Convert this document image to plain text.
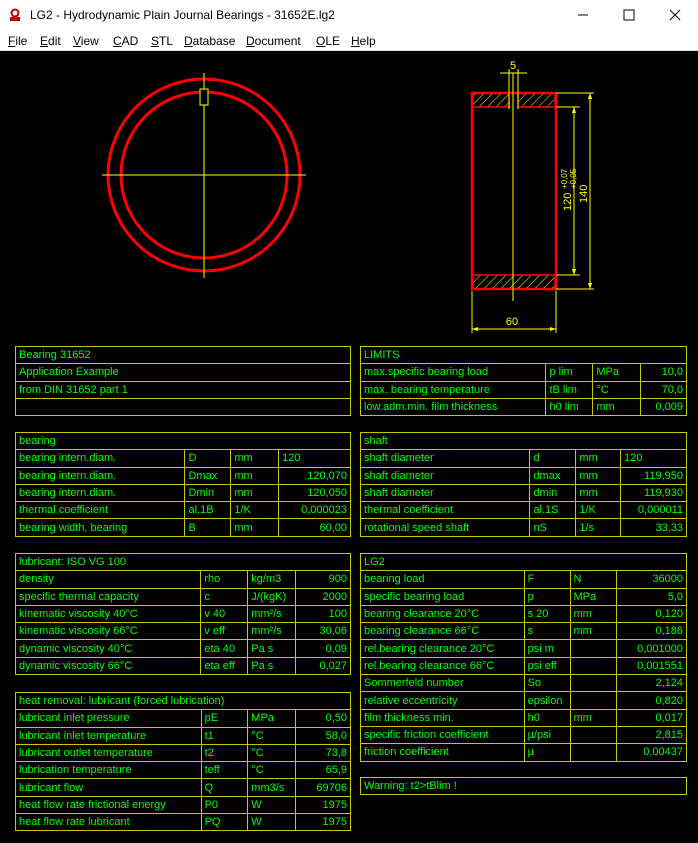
LG2 - Hydrodynamic Plain Journal Bearings - 31652E.lg2
File Edit View CAD STL Database Document OLE Help
5
60
120
+0,07 +0,05
140
Bearing 31652
Application Example
from DIN 31652 part 1

LIMITS			
max.specific bearing load	p lim	MPa	10,0
max. bearing temperature	tB lim	°C	70,0
low.adm.min. film thickness	h0 lim	mm	0,009
bearing			
bearing intern.diam.	D	mm	120
bearing intern.diam.	Dmax	mm	120,070
bearing intern.diam.	Dmin	mm	120,050
thermal coefficient	al.1B	1/K	0,000023
bearing width, bearing	B	mm	60,00
shaft			
shaft diameter	d	mm	120
shaft diameter	dmax	mm	119,950
shaft diameter	dmin	mm	119,930
thermal coefficient	al.1S	1/K	0,000011
rotational speed shaft	nS	1/s	33,33
lubricant: ISO VG 100			
density	rho	kg/m3	900
specific thermal capacity	c	J/(kgK)	2000
kinematic viscosity 40°C	v 40	mm²/s	100
kinematic viscosity 66°C	v eff	mm²/s	30,06
dynamic viscosity 40°C	eta 40	Pa s	0,09
dynamic viscosity 66°C	eta eff	Pa s	0,027
LG2			
bearing load	F	N	36000
specific bearing load	p	MPa	5,0
bearing clearance 20°C	s 20	mm	0,120
bearing clearance 66°C	s	mm	0,186
rel.bearing clearance 20°C	psi m		0,001000
rel.bearing clearance 66°C	psi eff		0,001551
Sommerfeld number	So		2,124
relative eccentricity	epsilon		0,820
film thickness min.	h0	mm	0,017
specific friction coefficient	µ/psi		2,815
friction coefficient	µ		0,00437
heat removal: lubricant (forced lubrication)			
lubricant inlet pressure	pE	MPa	0,50
lubricant inlet temperature	t1	°C	58,0
lubricant outlet temperature	t2	°C	73,8
lubrication temperature	teff	°C	65,9
lubricant flow	Q	mm3/s	69706
heat flow rate frictional energy	P0	W	1975
heat flow rate lubricant	PQ	W	1975
Warning: t2>tBlim !
